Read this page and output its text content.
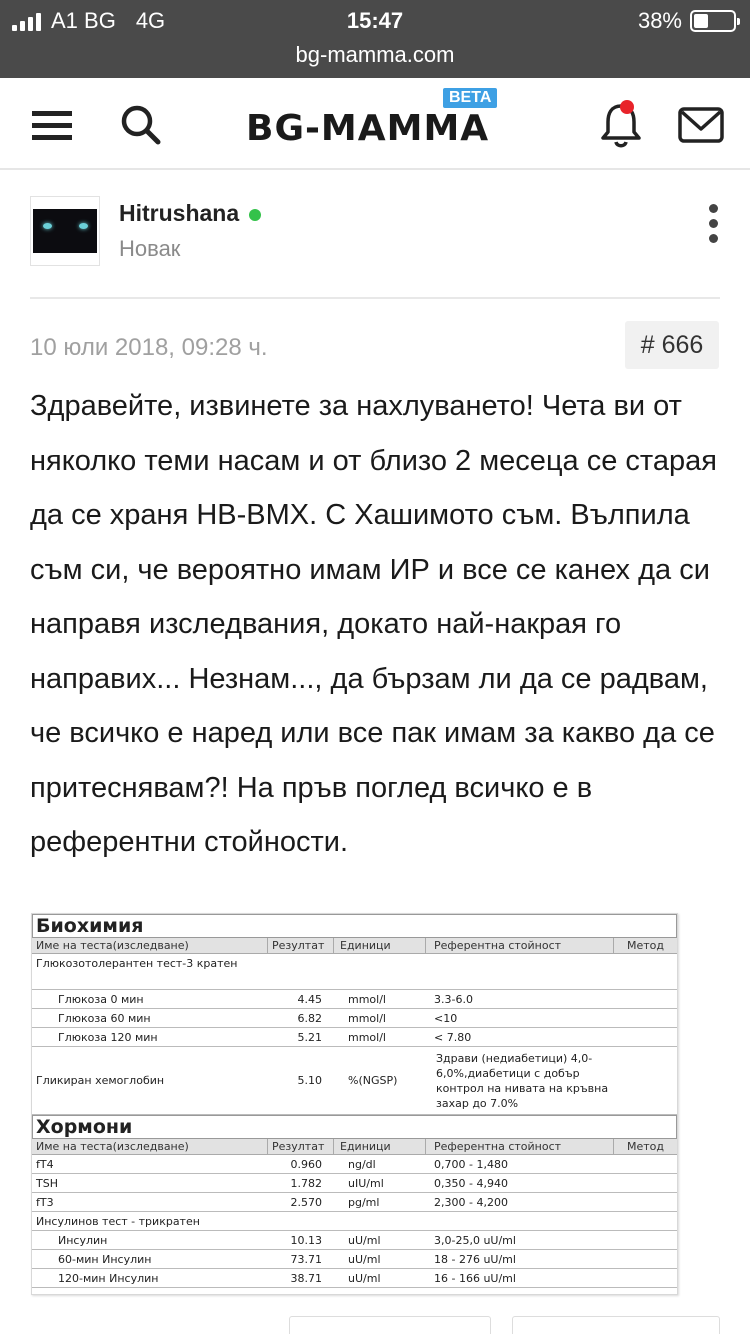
A1 BG 4G	15:47	38%
bg-mamma.com
BG-MAMMA
BETA
Hitrushana
Новак
10 юли 2018, 09:28 ч.	# 666
Здравейте, извинете за нахлуването! Чета ви от няколко теми насам и от близо 2 месеца се старая да се храня НВ-ВМХ. С Хашимото съм. Вълпила съм си, че вероятно имам ИР и все се канех да си направя изследвания, докато най-накрая го направих... Незнам..., да бързам ли да се радвам, че всичко е наред или все пак имам за какво да се притеснявам?! На пръв поглед всичко е в референтни стойности.
Биохимия
Име на теста(изследване)	Резултат	Единици	Референтна стойност	Метод
Глюкозотолерантен тест-3 кратен
Глюкоза 0 мин	4.45	mmol/l	3.3-6.0
Глюкоза 60 мин	6.82	mmol/l	<10
Глюкоза 120 мин	5.21	mmol/l	< 7.80
Гликиран хемоглобин	5.10	%(NGSP)
Здрави (недиабетици) 4,0-6,0%,диабетици с добър контрол на нивата на кръвна захар до 7.0%
Хормони
Име на теста(изследване)	Резултат	Единици	Референтна стойност	Метод
fT4	0.960	ng/dl	0,700 - 1,480
TSH	1.782	uIU/ml	0,350 - 4,940
fT3	2.570	pg/ml	2,300 - 4,200
Инсулинов тест - трикратен
Инсулин	10.13	uU/ml	3,0-25,0 uU/ml
60-мин Инсулин	73.71	uU/ml	18 - 276 uU/ml
120-мин Инсулин	38.71	uU/ml	16 - 166 uU/ml
